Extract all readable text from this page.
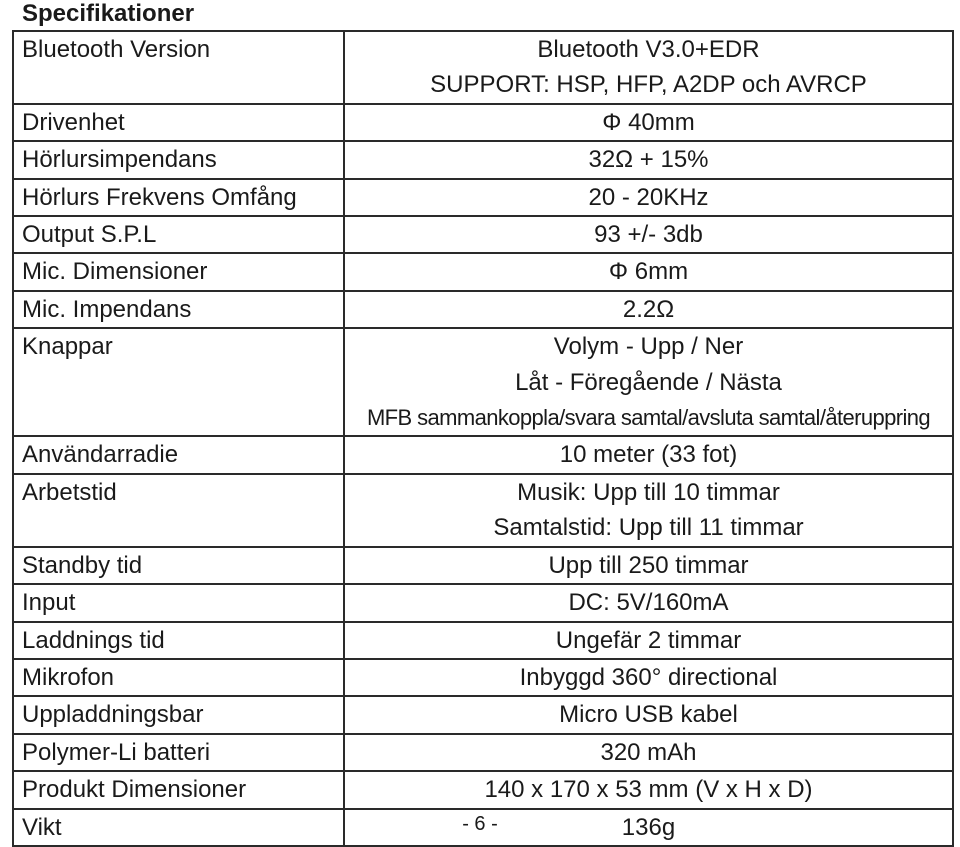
Specifikationer
Bluetooth Version	Bluetooth V3.0+EDR
SUPPORT: HSP, HFP, A2DP och AVRCP

Drivenhet	Φ 40mm

Hörlursimpendans	32Ω + 15%

Hörlurs Frekvens Omfång	20 - 20KHz

Output S.P.L	93 +/- 3db

Mic. Dimensioner	Φ 6mm

Mic. Impendans	2.2Ω

Knappar	Volym - Upp / Ner
Låt - Föregående / Nästa
MFB sammankoppla/svara samtal/avsluta samtal/återuppring

Användarradie	10 meter (33 fot)

Arbetstid	Musik: Upp till 10 timmar
Samtalstid: Upp till 11 timmar

Standby tid	Upp till 250 timmar

Input	DC: 5V/160mA

Laddnings tid	Ungefär 2 timmar

Mikrofon	Inbyggd 360° directional

Uppladdningsbar	Micro USB kabel

Polymer-Li batteri	320 mAh

Produkt Dimensioner	140 x 170 x 53 mm (V x H x D)

Vikt	136g
- 6 -
